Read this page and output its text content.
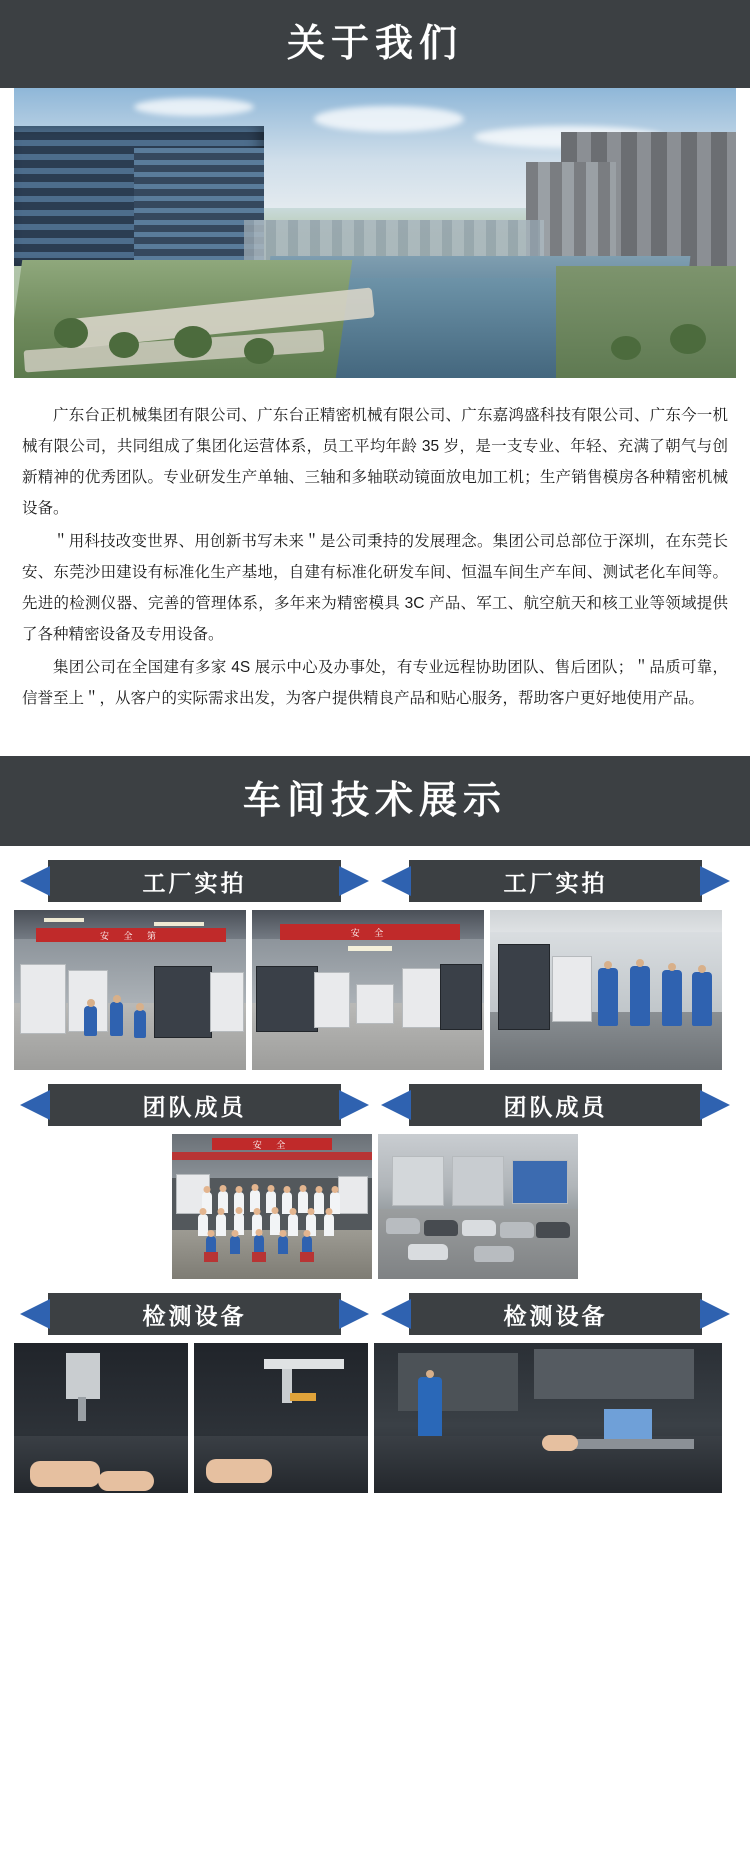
关于我们

广东台正机械集团有限公司、广东台正精密机械有限公司、广东嘉鸿盛科技有限公司、广东今一机械有限公司，共同组成了集团化运营体系，员工平均年龄 35 岁，是一支专业、年轻、充满了朝气与创新精神的优秀团队。专业研发生产单轴、三轴和多轴联动镜面放电加工机；生产销售模房各种精密机械设备。

＂用科技改变世界、用创新书写未来＂是公司秉持的发展理念。集团公司总部位于深圳，在东莞长安、东莞沙田建设有标准化生产基地，自建有标准化研发车间、恒温车间生产车间、测试老化车间等。先进的检测仪器、完善的管理体系，多年来为精密模具 3C 产品、军工、航空航天和核工业等领域提供了各种精密设备及专用设备。

集团公司在全国建有多家 4S 展示中心及办事处，有专业远程协助团队、售后团队；＂品质可靠，信誉至上＂，从客户的实际需求出发，为客户提供精良产品和贴心服务，帮助客户更好地使用产品。

车间技术展示
工厂实拍	工厂实拍
安 全 第	安 全
团队成员	团队成员
安 全
检测设备	检测设备
